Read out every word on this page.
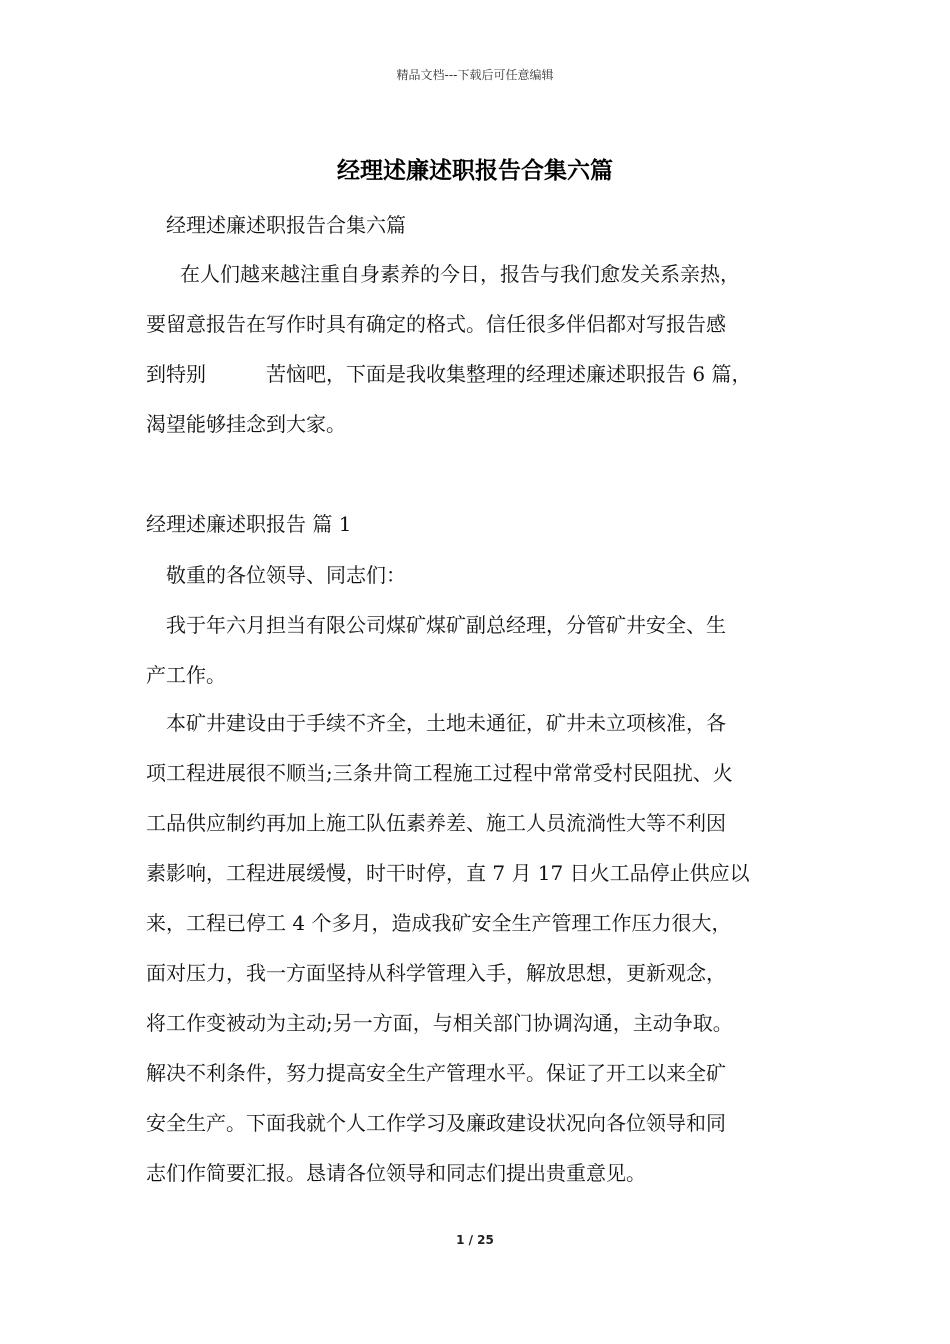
精品文档---下载后可任意编辑
经理述廉述职报告合集六篇
经理述廉述职报告合集六篇
在人们越来越注重自身素养的今日，报告与我们愈发关系亲热，
要留意报告在写作时具有确定的格式。信任很多伴侣都对写报告感
到特别　　　苦恼吧，下面是我收集整理的经理述廉述职报告 6 篇，
渴望能够挂念到大家。
经理述廉述职报告 篇 1
敬重的各位领导、同志们：
我于年六月担当有限公司煤矿煤矿副总经理，分管矿井安全、生
产工作。
本矿井建设由于手续不齐全，土地未通征，矿井未立项核准，各
项工程进展很不顺当;三条井筒工程施工过程中常常受村民阻扰、火
工品供应制约再加上施工队伍素养差、施工人员流淌性大等不利因
素影响，工程进展缓慢，时干时停，直 7 月 17 日火工品停止供应以
来，工程已停工 4 个多月，造成我矿安全生产管理工作压力很大，
面对压力，我一方面坚持从科学管理入手，解放思想，更新观念，
将工作变被动为主动;另一方面，与相关部门协调沟通，主动争取。
解决不利条件，努力提高安全生产管理水平。保证了开工以来全矿
安全生产。下面我就个人工作学习及廉政建设状况向各位领导和同
志们作简要汇报。恳请各位领导和同志们提出贵重意见。
1 / 25
